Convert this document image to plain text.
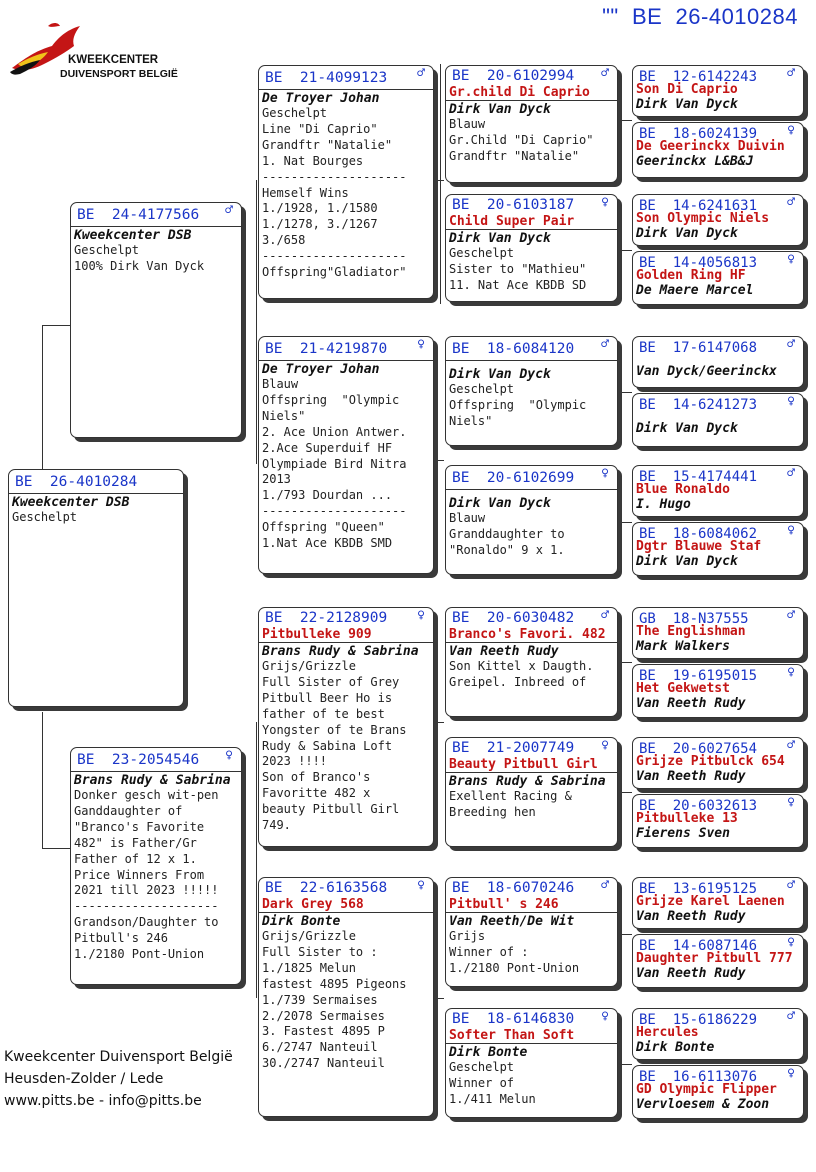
""  BE  26-4010284
KWEEKCENTER
DUIVENSPORT BELGIË
BE  26-4010284
Kweekcenter DSB
Geschelpt
BE  24-4177566 ♂
Kweekcenter DSB
Geschelpt
100% Dirk Van Dyck
BE  23-2054546 ♀
Brans Rudy & Sabrina
Donker gesch wit-pen
Ganddaughter of
"Branco's Favorite
482" is Father/Gr
Father of 12 x 1.
Price Winners From
2021 till 2023 !!!!!
--------------------
Grandson/Daughter to
Pitbull's 246
1./2180 Pont-Union
BE  21-4099123 ♂
De Troyer Johan
Geschelpt
Line "Di Caprio"
Grandftr "Natalie"
1. Nat Bourges
--------------------
Hemself Wins
1./1928, 1./1580
1./1278, 3./1267
3./658
--------------------
Offspring"Gladiator"
BE  21-4219870 ♀
De Troyer Johan
Blauw
Offspring  "Olympic
Niels"
2. Ace Union Antwer.
2.Ace Superduif HF
Olympiade Bird Nitra
2013
1./793 Dourdan ...
--------------------
Offspring "Queen"
1.Nat Ace KBDB SMD
BE  22-2128909 ♀
Pitbulleke 909
Brans Rudy & Sabrina
Grijs/Grizzle
Full Sister of Grey
Pitbull Beer Ho is
father of te best
Yongster of te Brans
Rudy & Sabina Loft
2023 !!!!
Son of Branco's
Favoritte 482 x
beauty Pitbull Girl
749.
BE  22-6163568 ♀
Dark Grey 568
Dirk Bonte
Grijs/Grizzle
Full Sister to :
1./1825 Melun
fastest 4895 Pigeons
1./739 Sermaises
2./2078 Sermaises
3. Fastest 4895 P
6./2747 Nanteuil
30./2747 Nanteuil
BE  20-6102994 ♂
Gr.child Di Caprio
Dirk Van Dyck
Blauw
Gr.Child "Di Caprio"
Grandftr "Natalie"
BE  20-6103187 ♀
Child Super Pair
Dirk Van Dyck
Geschelpt
Sister to "Mathieu"
11. Nat Ace KBDB SD
BE  18-6084120 ♂
Dirk Van Dyck
Geschelpt
Offspring  "Olympic
Niels"
BE  20-6102699 ♀
Dirk Van Dyck
Blauw
Granddaughter to
"Ronaldo" 9 x 1.
BE  20-6030482 ♂
Branco's Favori. 482
Van Reeth Rudy
Son Kittel x Daugth.
Greipel. Inbreed of
BE  21-2007749 ♀
Beauty Pitbull Girl
Brans Rudy & Sabrina
Exellent Racing &
Breeding hen
BE  18-6070246 ♂
Pitbull' s 246
Van Reeth/De Wit
Grijs
Winner of :
1./2180 Pont-Union
BE  18-6146830 ♀
Softer Than Soft
Dirk Bonte
Geschelpt
Winner of
1./411 Melun
BE  12-6142243 ♂
Son Di Caprio
Dirk Van Dyck
BE  18-6024139 ♀
De Geerinckx Duivin
Geerinckx L&B&J
BE  14-6241631 ♂
Son Olympic Niels
Dirk Van Dyck
BE  14-4056813 ♀
Golden Ring HF
De Maere Marcel
BE  17-6147068 ♂
Van Dyck/Geerinckx
BE  14-6241273 ♀
Dirk Van Dyck
BE  15-4174441 ♂
Blue Ronaldo
I. Hugo
BE  18-6084062 ♀
Dgtr Blauwe Staf
Dirk Van Dyck
GB  18-N37555	♂
The Englishman
Mark Walkers
BE  19-6195015 ♀
Het Gekwetst
Van Reeth Rudy
BE  20-6027654 ♂
Grijze Pitbulck 654
Van Reeth Rudy
BE  20-6032613 ♀
Pitbulleke 13
Fierens Sven
BE  13-6195125 ♂
Grijze Karel Laenen
Van Reeth Rudy
BE  14-6087146 ♀
Daughter Pitbull 777
Van Reeth Rudy
BE  15-6186229 ♂
Hercules
Dirk Bonte
BE  16-6113076 ♀
GD Olympic Flipper
Vervloesem & Zoon
Kweekcenter Duivensport België
Heusden-Zolder / Lede
www.pitts.be - info@pitts.be
